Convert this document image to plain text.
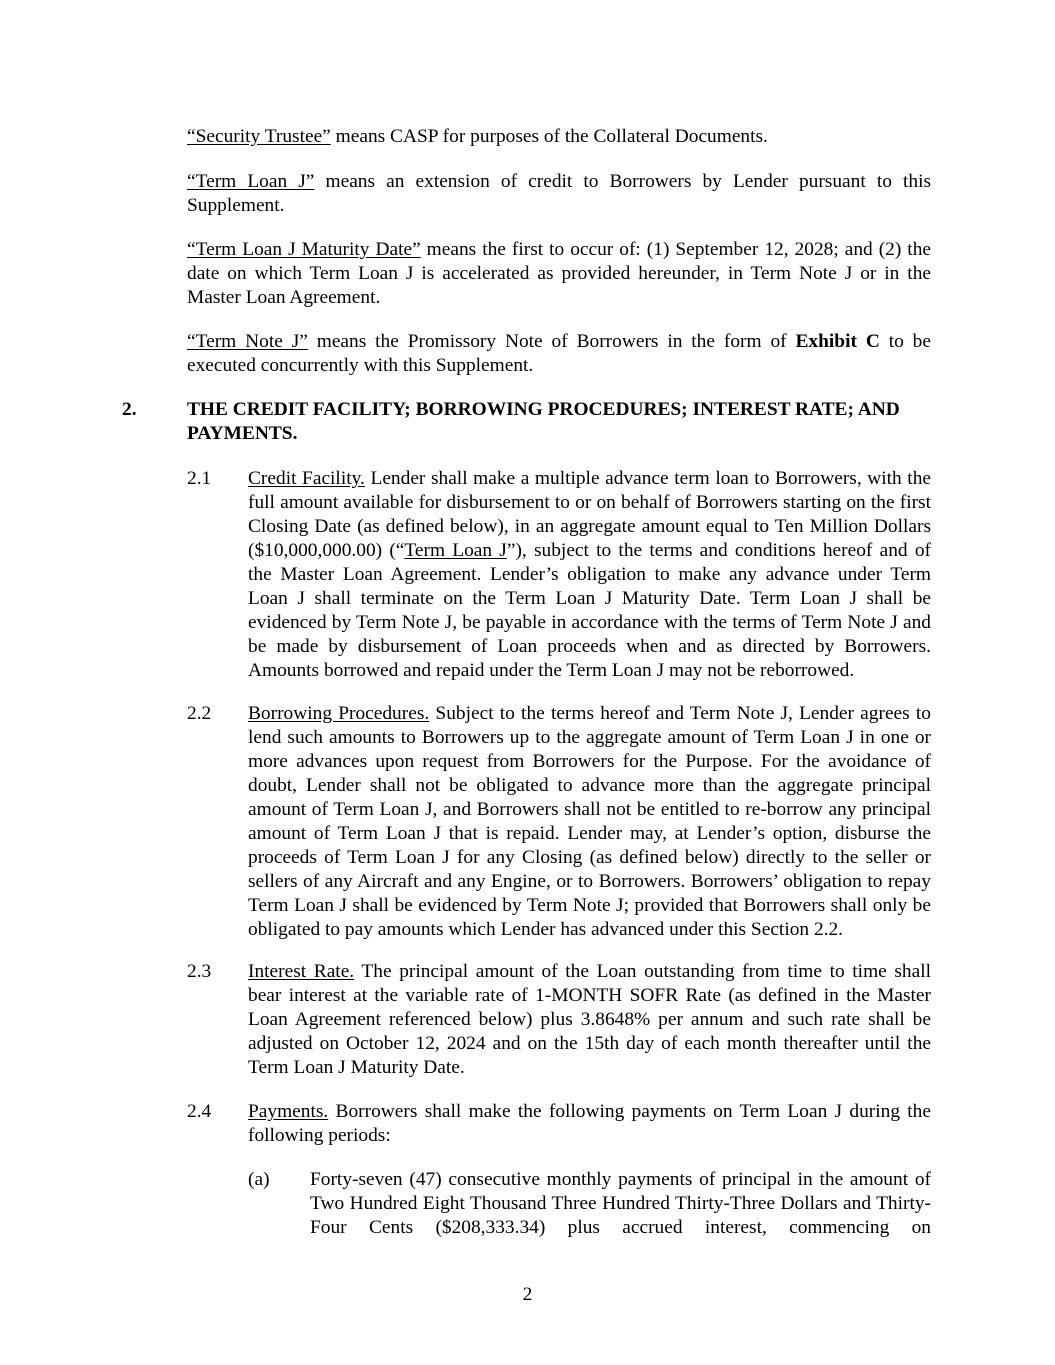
“Security Trustee” means CASP for purposes of the Collateral Documents.

“Term Loan J” means an extension of credit to Borrowers by Lender pursuant to this Supplement.

“Term Loan J Maturity Date” means the first to occur of: (1) September 12, 2028; and (2) the date on which Term Loan J is accelerated as provided hereunder, in Term Note J or in the Master Loan Agreement.

“Term Note J” means the Promissory Note of Borrowers in the form of Exhibit C to be executed concurrently with this Supplement.

2.	THE CREDIT FACILITY; BORROWING PROCEDURES; INTEREST RATE; AND PAYMENTS.

2.1 Credit Facility. Lender shall make a multiple advance term loan to Borrowers, with the full amount available for disbursement to or on behalf of Borrowers starting on the first Closing Date (as defined below), in an aggregate amount equal to Ten Million Dollars ($10,000,000.00) (“Term Loan J”), subject to the terms and conditions hereof and of the Master Loan Agreement. Lender’s obligation to make any advance under Term Loan J shall terminate on the Term Loan J Maturity Date. Term Loan J shall be evidenced by Term Note J, be payable in accordance with the terms of Term Note J and be made by disbursement of Loan proceeds when and as directed by Borrowers. Amounts borrowed and repaid under the Term Loan J may not be reborrowed.

2.2 Borrowing Procedures. Subject to the terms hereof and Term Note J, Lender agrees to lend such amounts to Borrowers up to the aggregate amount of Term Loan J in one or more advances upon request from Borrowers for the Purpose. For the avoidance of doubt, Lender shall not be obligated to advance more than the aggregate principal amount of Term Loan J, and Borrowers shall not be entitled to re-borrow any principal amount of Term Loan J that is repaid. Lender may, at Lender’s option, disburse the proceeds of Term Loan J for any Closing (as defined below) directly to the seller or sellers of any Aircraft and any Engine, or to Borrowers. Borrowers’ obligation to repay Term Loan J shall be evidenced by Term Note J; provided that Borrowers shall only be obligated to pay amounts which Lender has advanced under this Section 2.2.

2.3 Interest Rate. The principal amount of the Loan outstanding from time to time shall bear interest at the variable rate of 1-MONTH SOFR Rate (as defined in the Master Loan Agreement referenced below) plus 3.8648% per annum and such rate shall be adjusted on October 12, 2024 and on the 15th day of each month thereafter until the Term Loan J Maturity Date.

2.4 Payments. Borrowers shall make the following payments on Term Loan J during the following periods:

(a) Forty-seven (47) consecutive monthly payments of principal in the amount of Two Hundred Eight Thousand Three Hundred Thirty-Three Dollars and Thirty-Four Cents ($208,333.34) plus accrued interest, commencing on

2
